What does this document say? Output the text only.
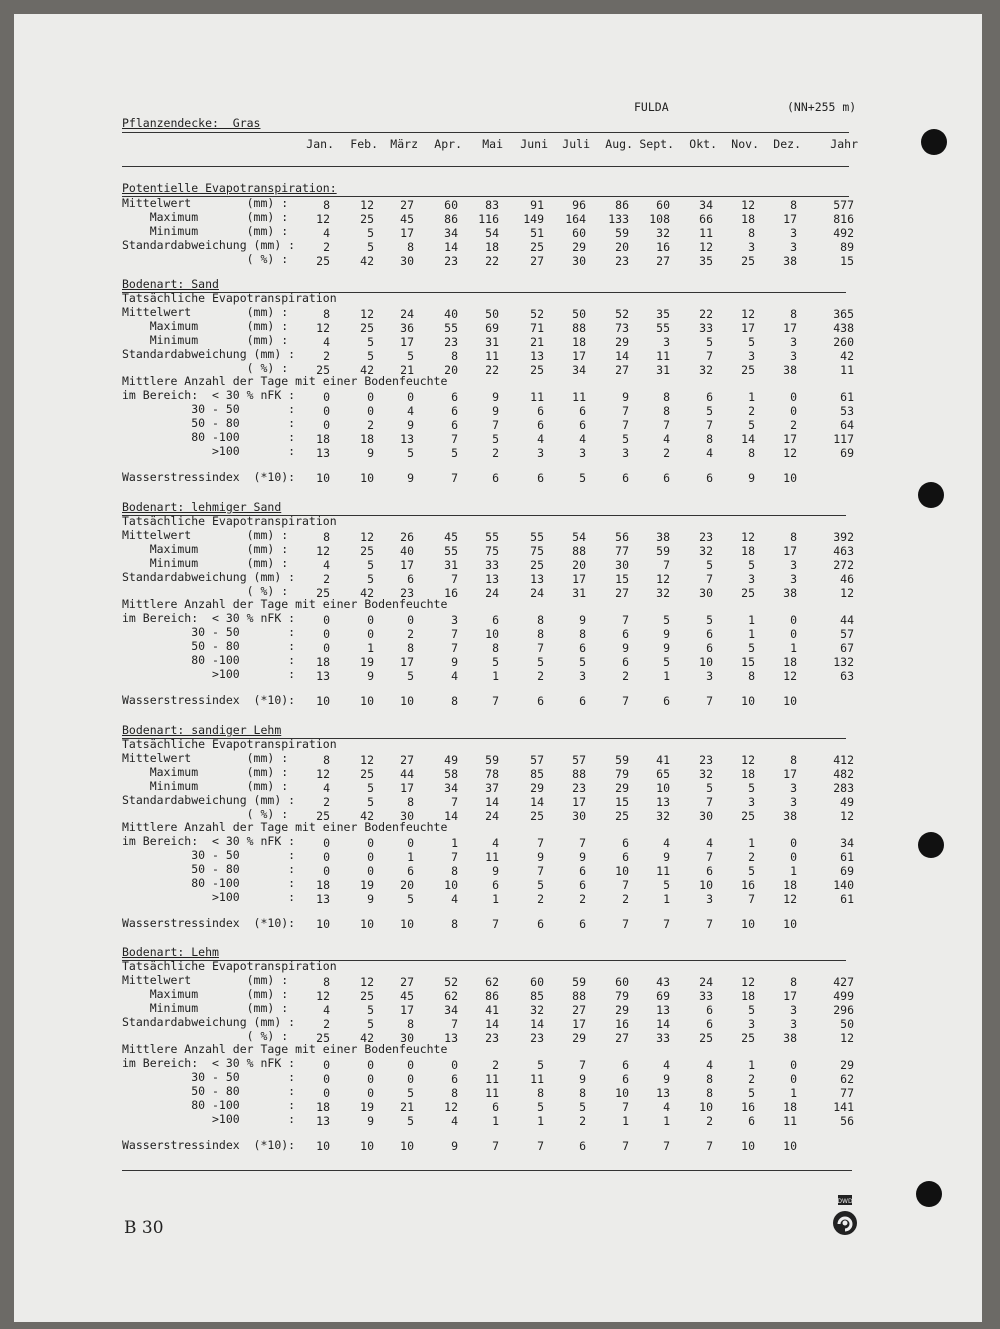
FULDA	(NN+255 m)
Pflanzendecke:  Gras
Jan.	Feb.	März	Apr.	Mai	Juni	Juli	Aug. Sept.	Okt.	Nov.	Dez.	Jahr
Potentielle Evapotranspiration:
Mittelwert        (mm) :	8	12	27	60	83	91	96	86	60	34	12	8	577
Maximum       (mm) :	12	25	45	86	116	149	164	133	108	66	18	17	816
Minimum       (mm) :	4	5	17	34	54	51	60	59	32	11	8	3	492
Standardabweichung (mm) :	2	5	8	14	18	25	29	20	16	12	3	3	89
( %) :	25	42	30	23	22	27	30	23	27	35	25	38	15
Bodenart: Sand
Tatsächliche Evapotranspiration
Mittelwert        (mm) :	8	12	24	40	50	52	50	52	35	22	12	8	365
Maximum       (mm) :	12	25	36	55	69	71	88	73	55	33	17	17	438
Minimum       (mm) :	4	5	17	23	31	21	18	29	3	5	5	3	260
Standardabweichung (mm) :	2	5	5	8	11	13	17	14	11	7	3	3	42
( %) :	25	42	21	20	22	25	34	27	31	32	25	38	11
Mittlere Anzahl der Tage mit einer Bodenfeuchte
im Bereich:  < 30 % nFK :	0	0	0	6	9	11	11	9	8	6	1	0	61
30 - 50       :	0	0	4	6	9	6	6	7	8	5	2	0	53
50 - 80       :	0	2	9	6	7	6	6	7	7	7	5	2	64
80 -100       :	18	18	13	7	5	4	4	5	4	8	14	17	117
>100       :	13	9	5	5	2	3	3	3	2	4	8	12	69
Wasserstressindex  (*10):	10	10	9	7	6	6	5	6	6	6	9	10
Bodenart: lehmiger Sand
Tatsächliche Evapotranspiration
Mittelwert        (mm) :	8	12	26	45	55	55	54	56	38	23	12	8	392
Maximum       (mm) :	12	25	40	55	75	75	88	77	59	32	18	17	463
Minimum       (mm) :	4	5	17	31	33	25	20	30	7	5	5	3	272
Standardabweichung (mm) :	2	5	6	7	13	13	17	15	12	7	3	3	46
( %) :	25	42	23	16	24	24	31	27	32	30	25	38	12
Mittlere Anzahl der Tage mit einer Bodenfeuchte
im Bereich:  < 30 % nFK :	0	0	0	3	6	8	9	7	5	5	1	0	44
30 - 50       :	0	0	2	7	10	8	8	6	9	6	1	0	57
50 - 80       :	0	1	8	7	8	7	6	9	9	6	5	1	67
80 -100       :	18	19	17	9	5	5	5	6	5	10	15	18	132
>100       :	13	9	5	4	1	2	3	2	1	3	8	12	63
Wasserstressindex  (*10):	10	10	10	8	7	6	6	7	6	7	10	10
Bodenart: sandiger Lehm
Tatsächliche Evapotranspiration
Mittelwert        (mm) :	8	12	27	49	59	57	57	59	41	23	12	8	412
Maximum       (mm) :	12	25	44	58	78	85	88	79	65	32	18	17	482
Minimum       (mm) :	4	5	17	34	37	29	23	29	10	5	5	3	283
Standardabweichung (mm) :	2	5	8	7	14	14	17	15	13	7	3	3	49
( %) :	25	42	30	14	24	25	30	25	32	30	25	38	12
Mittlere Anzahl der Tage mit einer Bodenfeuchte
im Bereich:  < 30 % nFK :	0	0	0	1	4	7	7	6	4	4	1	0	34
30 - 50       :	0	0	1	7	11	9	9	6	9	7	2	0	61
50 - 80       :	0	0	6	8	9	7	6	10	11	6	5	1	69
80 -100       :	18	19	20	10	6	5	6	7	5	10	16	18	140
>100       :	13	9	5	4	1	2	2	2	1	3	7	12	61
Wasserstressindex  (*10):	10	10	10	8	7	6	6	7	7	7	10	10
Bodenart: Lehm
Tatsächliche Evapotranspiration
Mittelwert        (mm) :	8	12	27	52	62	60	59	60	43	24	12	8	427
Maximum       (mm) :	12	25	45	62	86	85	88	79	69	33	18	17	499
Minimum       (mm) :	4	5	17	34	41	32	27	29	13	6	5	3	296
Standardabweichung (mm) :	2	5	8	7	14	14	17	16	14	6	3	3	50
( %) :	25	42	30	13	23	23	29	27	33	25	25	38	12
Mittlere Anzahl der Tage mit einer Bodenfeuchte
im Bereich:  < 30 % nFK :	0	0	0	0	2	5	7	6	4	4	1	0	29
30 - 50       :	0	0	0	6	11	11	9	6	9	8	2	0	62
50 - 80       :	0	0	5	8	11	8	8	10	13	8	5	1	77
80 -100       :	18	19	21	12	6	5	5	7	4	10	16	18	141
>100       :	13	9	5	4	1	1	2	1	1	2	6	11	56
Wasserstressindex  (*10):	10	10	10	9	7	7	6	7	7	7	10	10
B 30
DWD
